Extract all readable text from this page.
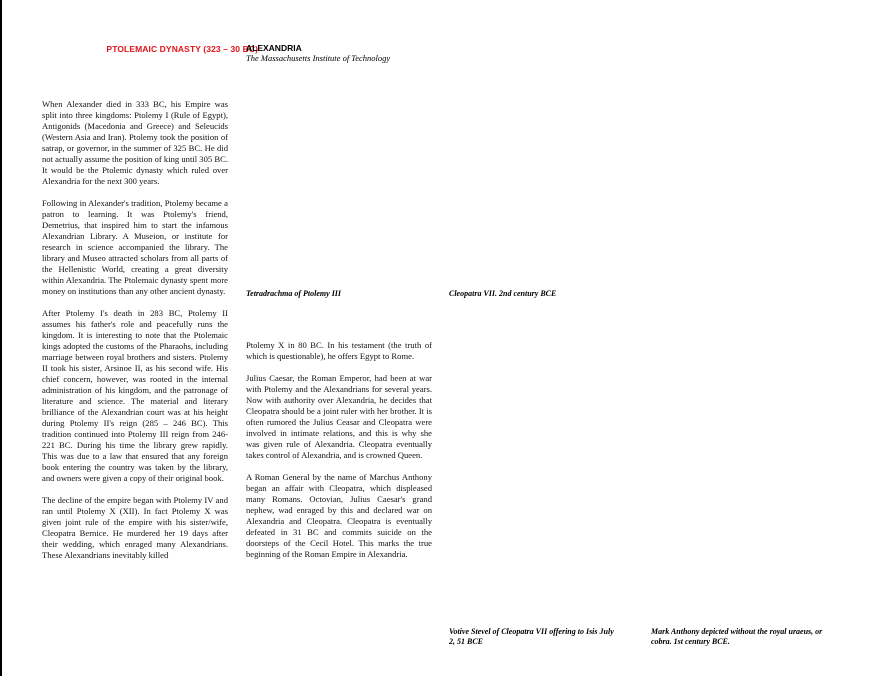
PTOLEMAIC DYNASTY (323 – 30 BC)
ALEXANDRIA
The Massachusetts Institute of Technology

When Alexander died in 333 BC, his Empire was split into three kingdoms: Ptolemy I (Rule of Egypt), Antigonids (Macedonia and Greece) and Seleucids (Western Asia and Iran). Ptolemy took the position of satrap, or governor, in the summer of 325 BC. He did not actually assume the position of king until 305 BC. It would be the Ptolemic dynasty which ruled over Alexandria for the next 300 years.

Following in Alexander's tradition, Ptolemy became a patron to learning. It was Ptolemy's friend, Demetrius, that inspired him to start the infamous Alexandrian Library. A Museion, or institute for research in science accompanied the library. The library and Museo attracted scholars from all parts of the Hellenistic World, creating a great diversity within Alexandria. The Ptolemaic dynasty spent more money on institutions than any other ancient dynasty.

After Ptolemy I's death in 283 BC, Ptolemy II assumes his father's role and peacefully runs the kingdom. It is interesting to note that the Ptolemaic kings adopted the customs of the Pharaohs, including marriage between royal brothers and sisters. Ptolemy II took his sister, Arsinoe II, as his second wife. His chief concern, however, was rooted in the internal administration of his kingdom, and the patronage of literature and science. The material and literary brilliance of the Alexandrian court was at his height during Ptolemy II's reign (285 – 246 BC). This tradition continued into Ptolemy III reign from 246-221 BC. During his time the library grew rapidly. This was due to a law that ensured that any foreign book entering the country was taken by the library, and owners were given a copy of their original book.

The decline of the empire began with Ptolemy IV and ran until Ptolemy X (XII). In fact Ptolemy X was given joint rule of the empire with his sister/wife, Cleopatra Bernice. He murdered her 19 days after their wedding, which enraged many Alexandrians. These Alexandrians inevitably killed

Tetradrachma of Ptolemy III	Cleopatra VII. 2nd century BCE

Ptolemy X in 80 BC. In his testament (the truth of which is questionable), he offers Egypt to Rome.

Julius Caesar, the Roman Emperor, had been at war with Ptolemy and the Alexandrians for several years. Now with authority over Alexandria, he decides that Cleopatra should be a joint ruler with her brother. It is often rumored the Julius Ceasar and Cleopatra were involved in intimate relations, and this is why she was given rule of Alexandria. Cleopatra eventually takes control of Alexandria, and is crowned Queen.

A Roman General by the name of Marchus Anthony began an affair with Cleopatra, which displeased many Romans. Octovian, Julius Caesar's grand nephew, wad enraged by this and declared war on Alexandria and Cleopatra. Cleopatra is eventually defeated in 31 BC and commits suicide on the doorsteps of the Cecil Hotel. This marks the true beginning of the Roman Empire in Alexandria.

Votive Stevel of Cleopatra VII offering to Isis July 2, 51 BCE
Mark Anthony depicted without the royal uraeus, or cobra. 1st century BCE.
